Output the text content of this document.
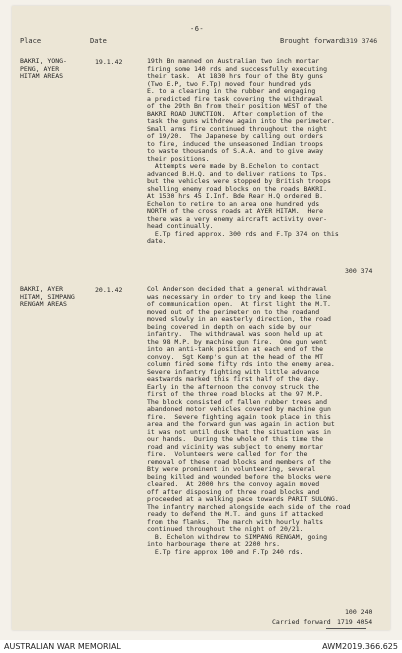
-6-
Place	Date	Brought forward
1319 3746
BAKRI, YONG-
PENG, AYER
HITAM AREAS
19.1.42	19th Bn manned on Australian two inch mortar
firing some 140 rds and successfully executing
their task.  At 1830 hrs four of the Bty guns
(Two E.P, two F.Tp) moved four hundred yds
E. to a clearing in the rubber and engaging
a predicted fire task covering the withdrawal
of the 29th Bn from their position WEST of the
BAKRI ROAD JUNCTION.  After completion of the
task the guns withdrew again into the perimeter.
Small arms fire continued throughout the night
of 19/20.  The Japanese by calling out orders
to fire, induced the unseasoned Indian troops
to waste thousands of S.A.A. and to give away
their positions.
Attempts were made by B.Echelon to contact
advanced B.H.Q. and to deliver rations to Tps.
but the vehicles were stopped by British troops
shelling enemy road blocks on the roads BAKRI.
At 1530 hrs 45 I.Inf. Bde Rear H.Q ordered B.
Echelon to retire to an area one hundred yds
NORTH of the cross roads at AYER HITAM.  Here
there was a very enemy aircraft activity over-
head continually.
E.Tp fired approx. 300 rds and F.Tp 374 on this
date.
300 374
BAKRI, AYER
HITAM, SIMPANG
RENGAM AREAS
20.1.42	Col Anderson decided that a general withdrawal
was necessary in order to try and keep the line
of communication open.  At first light the M.T.
moved out of the perimeter on to the roadand
moved slowly in an easterly direction, the road
being covered in depth on each side by our
infantry.  The withdrawal was soon held up at
the 98 M.P. by machine gun fire.  One gun went
into an anti-tank position at each end of the
convoy.  Sgt Kemp's gun at the head of the MT
column fired some fifty rds into the enemy area.
Severe infantry fighting with little advance
eastwards marked this first half of the day.
Early in the afternoon the convoy struck the
first of the three road blocks at the 97 M.P.
The block consisted of fallen rubber trees and
abandoned motor vehicles covered by machine gun
fire.  Severe fighting again took place in this
area and the forward gun was again in action but
it was not until dusk that the situation was in
our hands.  During the whole of this time the
road and vicinity was subject to enemy mortar
fire.  Volunteers were called for for the
removal of these road blocks and members of the
Bty were prominent in volunteering, several
being killed and wounded before the blocks were
cleared.  At 2000 hrs the convoy again moved
off after disposing of three road blocks and
proceeded at a walking pace towards PARIT SULONG.
The infantry marched alongside each side of the road
ready to defend the M.T. and guns if attacked
from the flanks.  The march with hourly halts
continued throughout the night of 20/21.
B. Echelon withdrew to SIMPANG RENGAM, going
into harbourage there at 2200 hrs.
E.Tp fire approx 100 and F.Tp 240 rds.
100 240
Carried forward 1719 4054
AUSTRALIAN WAR MEMORIAL	AWM2019.366.625
